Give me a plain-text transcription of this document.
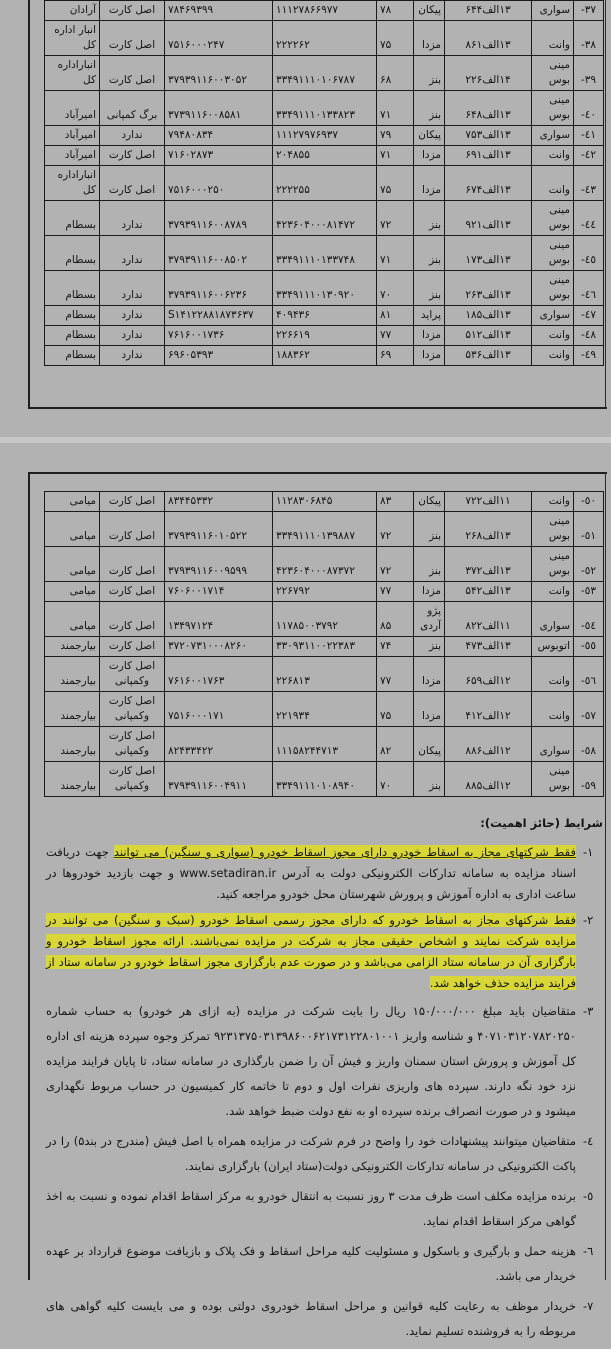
۳۷-	سواری	۱۳الف۶۴۴	پیکان	۷۸	۱۱۱۲۷۸۶۶۹۷۷	۷۸۴۶۹۳۹۹	اصل کارت	آرادان
۳۸-	وانت	۱۳الف۸۶۱	مزدا	۷۵	۲۲۲۲۶۲	۷۵۱۶۰۰۰۲۴۷	اصل کارت	انبار اداره کل
۳۹-	مینی بوس	۱۴الف۲۲۶	بنز	۶۸	۳۳۴۹۱۱۱۰۱۰۶۷۸۷	۳۷۹۳۹۱۱۶۰۰۳۰۵۲	اصل کارت	انباراداره کل
٤٠-	مینی بوس	۱۳الف۶۴۸	بنز	۷۱	۳۳۴۹۱۱۱۰۱۳۳۸۲۳	۳۷۳۹۱۱۶۰۰۸۵۸۱	برگ کمپانی	امیرآباد
٤١-	سواری	۱۳الف۷۵۳	پیکان	۷۹	۱۱۱۲۷۹۷۶۹۳۷	۷۹۴۸۰۸۳۴	ندارد	امیرآباد
٤٢-	وانت	۱۳الف۶۹۱	مزدا	۷۱	۲۰۴۸۵۵	۷۱۶۰۲۸۷۳	اصل کارت	امیرآباد
٤٣-	وانت	۱۳الف۶۷۴	مزدا	۷۵	۲۲۲۲۵۵	۷۵۱۶۰۰۰۲۵۰	اصل کارت	انباراداره کل
٤٤-	مینی بوس	۱۳الف۹۲۱	بنز	۷۲	۴۲۳۶۰۴۰۰۰۸۱۴۷۲	۳۷۹۳۹۱۱۶۰۰۸۷۸۹	ندارد	بسطام
٤٥-	مینی بوس	۱۳الف۱۷۳	بنز	۷۱	۳۳۴۹۱۱۱۰۱۳۳۷۴۸	۳۷۹۳۹۱۱۶۰۰۸۵۰۲	ندارد	بسطام
٤٦-	مینی بوس	۱۳الف۲۶۳	بنز	۷۰	۳۳۴۹۱۱۱۰۱۳۰۹۲۰	۳۷۹۳۹۱۱۶۰۰۶۲۳۶	ندارد	بسطام
٤٧-	سواری	۱۳الف۱۸۵	پراید	۸۱	۴۰۹۴۳۶	S۱۴۱۲۲۸۸۱۸۷۳۶۳۷	ندارد	بسطام
٤٨-	وانت	۱۳الف۵۱۲	مزدا	۷۷	۲۲۶۶۱۹	۷۶۱۶۰۰۱۷۳۶	ندارد	بسطام
٤٩-	وانت	۱۳الف۵۳۶	مزدا	۶۹	۱۸۸۳۶۲	۶۹۶۰۵۳۹۳	ندارد	بسطام
٥٠-	وانت	۱۱الف۷۲۲	پیکان	۸۳	۱۱۲۸۳۰۶۸۴۵	۸۳۴۴۵۳۳۲	اصل کارت	میامی
٥١-	مینی بوس	۱۳الف۲۶۸	بنز	۷۲	۳۳۴۹۱۱۱۰۱۳۹۸۸۷	۳۷۹۳۹۱۱۶۰۱۰۵۲۲	اصل کارت	میامی
٥٢-	مینی بوس	۱۳الف۳۷۲	بنز	۷۲	۴۲۳۶۰۴۰۰۰۸۷۳۷۲	۳۷۹۳۹۱۱۶۰۰۹۵۹۹	اصل کارت	میامی
٥٣-	وانت	۱۳الف۵۴۲	مزدا	۷۷	۲۲۶۷۹۲	۷۶۰۶۰۰۱۷۱۴	اصل کارت	میامی
٥٤-	سواری	۱۱الف۸۲۲	پژو آردی	۸۵	۱۱۷۸۵۰۰۳۷۹۲	۱۳۴۹۷۱۲۴	اصل کارت	میامی
٥٥-	اتوبوس	۱۳الف۴۷۳	بنز	۷۴	۳۳۰۹۳۱۱۰۰۲۲۳۸۳	۳۷۲۰۷۳۱۰۰۰۸۲۶۰	اصل کارت	بیارجمند
٥٦-	وانت	۱۲الف۶۵۹	مزدا	۷۷	۲۲۶۸۱۳	۷۶۱۶۰۰۱۷۶۳	اصل کارت وکمپانی	بیارجمند
٥٧-	وانت	۱۲الف۴۱۲	مزدا	۷۵	۲۲۱۹۳۴	۷۵۱۶۰۰۰۱۷۱	اصل کارت وکمپانی	بیارجمند
٥٨-	سواری	۱۲الف۸۸۶	پیکان	۸۲	۱۱۱۵۸۲۴۴۷۱۳	۸۲۴۳۳۴۲۲	اصل کارت وکمپانی	بیارجمند
٥٩-	مینی بوس	۱۲الف۸۸۵	بنز	۷۰	۳۳۴۹۱۱۱۰۱۰۸۹۴۰	۳۷۹۳۹۱۱۶۰۰۴۹۱۱	اصل کارت وکمپانی	بیارجمند

شرایط (حائز اهمیت):

۱-
فقط شرکتهای مجاز به اسقاط خودرو دارای مجوز اسقاط خودرو (سواری و سنگین) می توانند جهت دریافت اسناد مزایده به سامانه تدارکات الکترونیکی دولت به آدرس www.setadiran.ir و جهت بازدید خودروها در ساعت اداری به اداره آموزش و پرورش شهرستان محل خودرو مراجعه کنید.
۲-
فقط شرکتهای مجاز به اسقاط خودرو که دارای مجوز رسمی اسقاط خودرو (سبک و سنگین) می توانند در مزایده شرکت نمایند و اشخاص حقیقی مجاز به شرکت در مزایده نمی‌باشند. ارائه مجوز اسقاط خودرو و بارگزاری آن در سامانه ستاد الزامی می‌باشد و در صورت عدم بارگزاری مجوز اسقاط خودرو در سامانه ستاد از فرایند مزایده حذف خواهد شد.
۳-
متقاضیان باید مبلغ ۱۵۰/۰۰۰/۰۰۰ ریال را بابت شرکت در مزایده (به ازای هر خودرو) به حساب شماره ۴۰۷۱۰۳۱۲۰۷۸۲۰۲۵۰ و شناسه واریز ۹۲۳۱۳۷۵۰۳۱۳۹۸۶۰۰۶۲۱۷۳۱۲۲۸۰۱۰۰۱ تمرکز وجوه سپرده هزینه ای اداره کل آموزش و پرورش استان سمنان واریز و فیش آن را ضمن بارگذاری در سامانه ستاد، تا پایان فرایند مزایده نزد خود نگه دارند. سپرده های واریزی نفرات اول و دوم تا خاتمه کار کمیسیون در حساب مربوط نگهداری میشود و در صورت انصراف برنده سپرده او به نفع دولت ضبط خواهد شد.
٤-
متقاضیان میتوانند پیشنهادات خود را واضح در فرم شرکت در مزایده همراه با اصل فیش (مندرج در بند۵) را در پاکت الکترونیکی در سامانه تدارکات الکترونیکی دولت(ستاد ایران) بارگزاری نمایند.
٥-
برنده مزایده مکلف است ظرف مدت ۳ روز نسبت به انتقال خودرو به مرکز اسقاط اقدام نموده و نسبت به اخذ گواهی مرکز اسقاط اقدام نماید.
٦-
هزینه حمل و بارگیری و باسکول و مسئولیت کلیه مراحل اسقاط و فک پلاک و بازیافت موضوع قرارداد بر عهده خریدار می باشد.
۷-
خریدار موظف به رعایت کلیه قوانین و مراحل اسقاط خودروی دولتی بوده و می بایست کلیه گواهی های مربوطه را به فروشنده تسلیم نماید.
